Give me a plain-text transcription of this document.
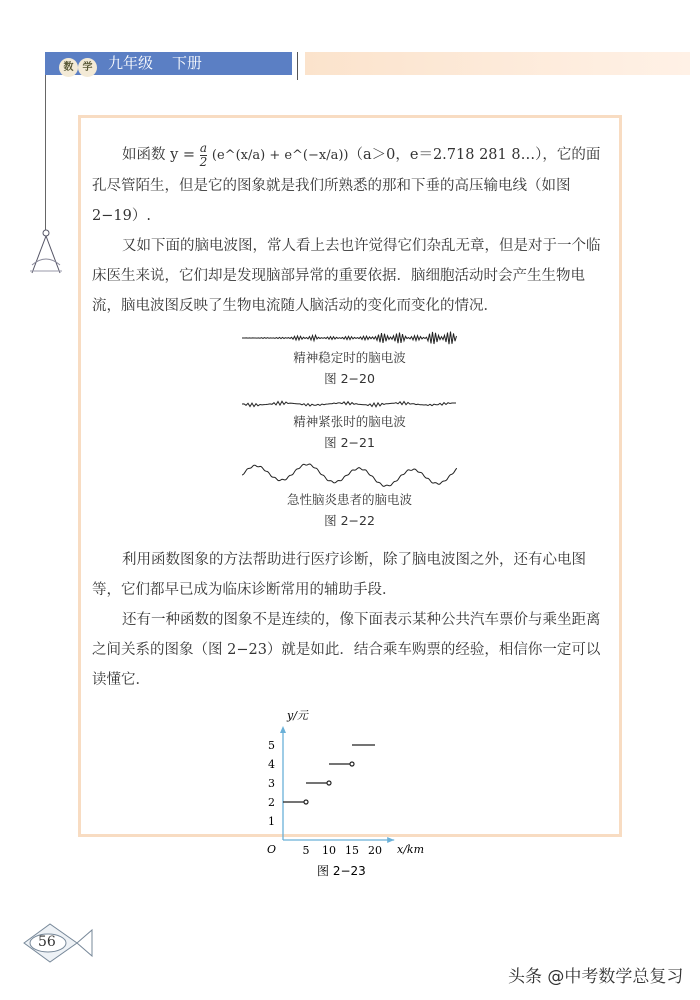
数 学	九年级 下册
如函数 $y = \frac{a}{2}$ (e^(x/a) + e^(−x/a))（a＞0，e＝2.718 281 8…），它的面孔尽管陌生，但是它的图象就是我们所熟悉的那和下垂的高压输电线（如图2−19）.
又如下面的脑电波图，常人看上去也许觉得它们杂乱无章，但是对于一个临床医生来说，它们却是发现脑部异常的重要依据．脑细胞活动时会产生生物电流，脑电波图反映了生物电流随人脑活动的变化而变化的情况．
精神稳定时的脑电波
图 2−20
精神紧张时的脑电波
图 2−21
急性脑炎患者的脑电波
图 2−22
利用函数图象的方法帮助进行医疗诊断，除了脑电波图之外，还有心电图等，它们都早已成为临床诊断常用的辅助手段．
还有一种函数的图象不是连续的，像下面表示某种公共汽车票价与乘坐距离之间关系的图象（图 2−23）就是如此．结合乘车购票的经验，相信你一定可以读懂它．
y/元
x/km
O
图 2−23
5 10 15 20
1
2
3
4
5
56
头条 @中考数学总复习
